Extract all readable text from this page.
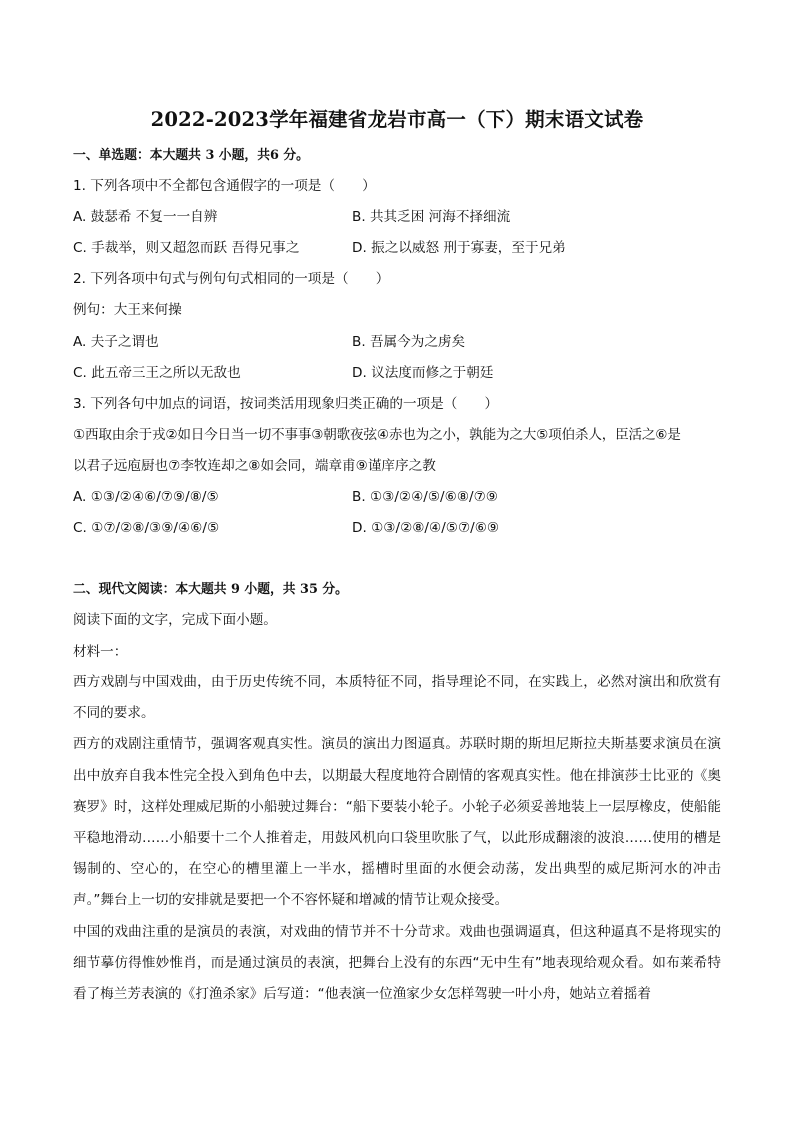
2022-2023学年福建省龙岩市高一（下）期末语文试卷
一、单选题：本大题共 3 小题，共6 分。
1. 下列各项中不全都包含通假字的一项是（　　）
A. 鼓瑟希 不复一一自辨	B. 共其乏困 河海不择细流
C. 手裁举，则又超忽而跃 吾得兄事之	D. 振之以威怒 刑于寡妻，至于兄弟
2. 下列各项中句式与例句句式相同的一项是（　　）
例句：大王来何操
A. 夫子之谓也	B. 吾属今为之虏矣
C. 此五帝三王之所以无敌也	D. 议法度而修之于朝廷
3. 下列各句中加点的词语，按词类活用现象归类正确的一项是（　　）
①西取由余于戎②如日今日当一切不事事③朝歌夜弦④赤也为之小，孰能为之大⑤项伯杀人，臣活之⑥是
以君子远庖厨也⑦李牧连却之⑧如会同，端章甫⑨谨庠序之教
A. ①③/②④⑥/⑦⑨/⑧/⑤	B. ①③/②④/⑤/⑥⑧/⑦⑨
C. ①⑦/②⑧/③⑨/④⑥/⑤	D. ①③/②⑧/④/⑤⑦/⑥⑨
二、现代文阅读：本大题共 9 小题，共 35 分。
阅读下面的文字，完成下面小题。
材料一：

西方戏剧与中国戏曲，由于历史传统不同，本质特征不同，指导理论不同，在实践上，必然对演出和欣赏有不同的要求。

西方的戏剧注重情节，强调客观真实性。演员的演出力图逼真。苏联时期的斯坦尼斯拉夫斯基要求演员在演出中放弃自我本性完全投入到角色中去，以期最大程度地符合剧情的客观真实性。他在排演莎士比亚的《奥赛罗》时，这样处理威尼斯的小船驶过舞台：“船下要装小轮子。小轮子必须妥善地装上一层厚橡皮，使船能平稳地滑动……小船要十二个人推着走，用鼓风机向口袋里吹胀了气，以此形成翻滚的波浪……使用的槽是锡制的、空心的，在空心的槽里灌上一半水，摇槽时里面的水便会动荡，发出典型的威尼斯河水的冲击声。”舞台上一切的安排就是要把一个不容怀疑和增减的情节让观众接受。

中国的戏曲注重的是演员的表演，对戏曲的情节并不十分苛求。戏曲也强调逼真，但这种逼真不是将现实的细节摹仿得惟妙惟肖，而是通过演员的表演，把舞台上没有的东西“无中生有”地表现给观众看。如布莱希特看了梅兰芳表演的《打渔杀家》后写道：“他表演一位渔家少女怎样驾驶一叶小舟，她站立着摇着
